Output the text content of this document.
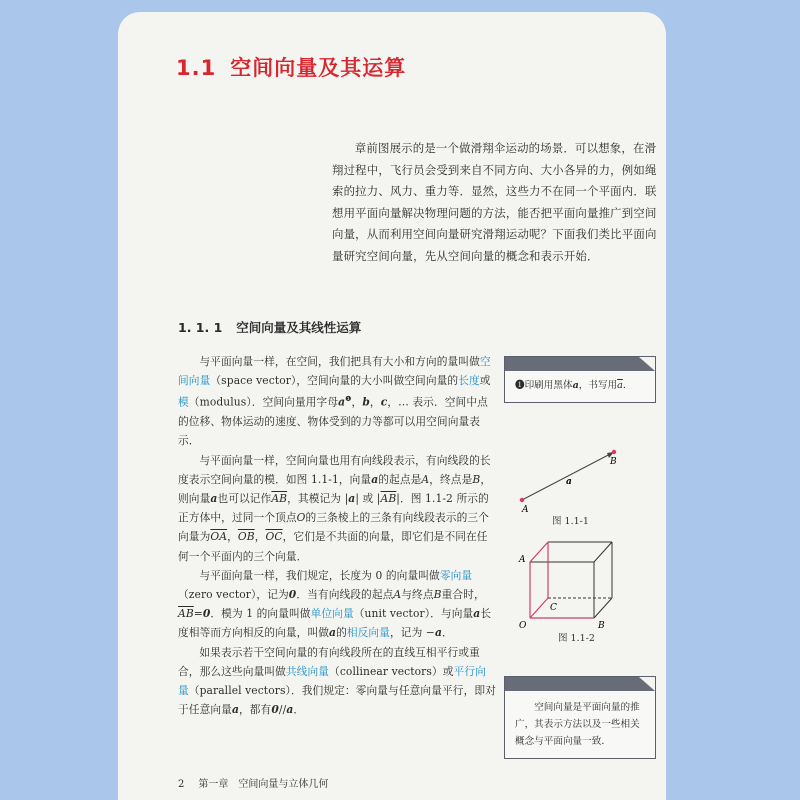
1.1 空间向量及其运算

章前图展示的是一个做滑翔伞运动的场景．可以想象，在滑翔过程中，飞行员会受到来自不同方向、大小各异的力，例如绳索的拉力、风力、重力等．显然，这些力不在同一个平面内．联想用平面向量解决物理问题的方法，能否把平面向量推广到空间向量，从而利用空间向量研究滑翔运动呢？下面我们类比平面向量研究空间向量，先从空间向量的概念和表示开始．

1. 1. 1 空间向量及其线性运算

与平面向量一样，在空间，我们把具有大小和方向的量叫做空间向量（space vector），空间向量的大小叫做空间向量的长度或模（modulus）．空间向量用字母$a^❶$，b，c，… 表示．空间中点的位移、物体运动的速度、物体受到的力等都可以用空间向量表示．

与平面向量一样，空间向量也用有向线段表示，有向线段的长度表示空间向量的模．如图 1.1-1，向量a的起点是A，终点是B，则向量a也可以记作$\overline{AB}$，其模记为 |a| 或 $|\overline{AB}|$．图 1.1-2 所示的正方体中，过同一个顶点O的三条棱上的三条有向线段表示的三个向量为$\overline{OA}$，$\overline{OB}$，$\overline{OC}$，它们是不共面的向量，即它们是不同在任何一个平面内的三个向量．

与平面向量一样，我们规定，长度为 0 的向量叫做零向量（zero vector），记为0．当有向线段的起点A与终点B重合时，$\overline{AB}=0$．模为 1 的向量叫做单位向量（unit vector）．与向量a长度相等而方向相反的向量，叫做a的相反向量，记为 −a．

如果表示若干空间向量的有向线段所在的直线互相平行或重合，那么这些向量叫做共线向量（collinear vectors）或平行向量（parallel vectors）．我们规定：零向量与任意向量平行，即对于任意向量a，都有0//a．

❶印刷用黑体a，书写用$\overline{a}$．
A
B
a
图 1.1-1
A
B
C
O
图 1.1-2
空间向量是平面向量的推广，其表示方法以及一些相关概念与平面向量一致．
2 第一章 空间向量与立体几何
